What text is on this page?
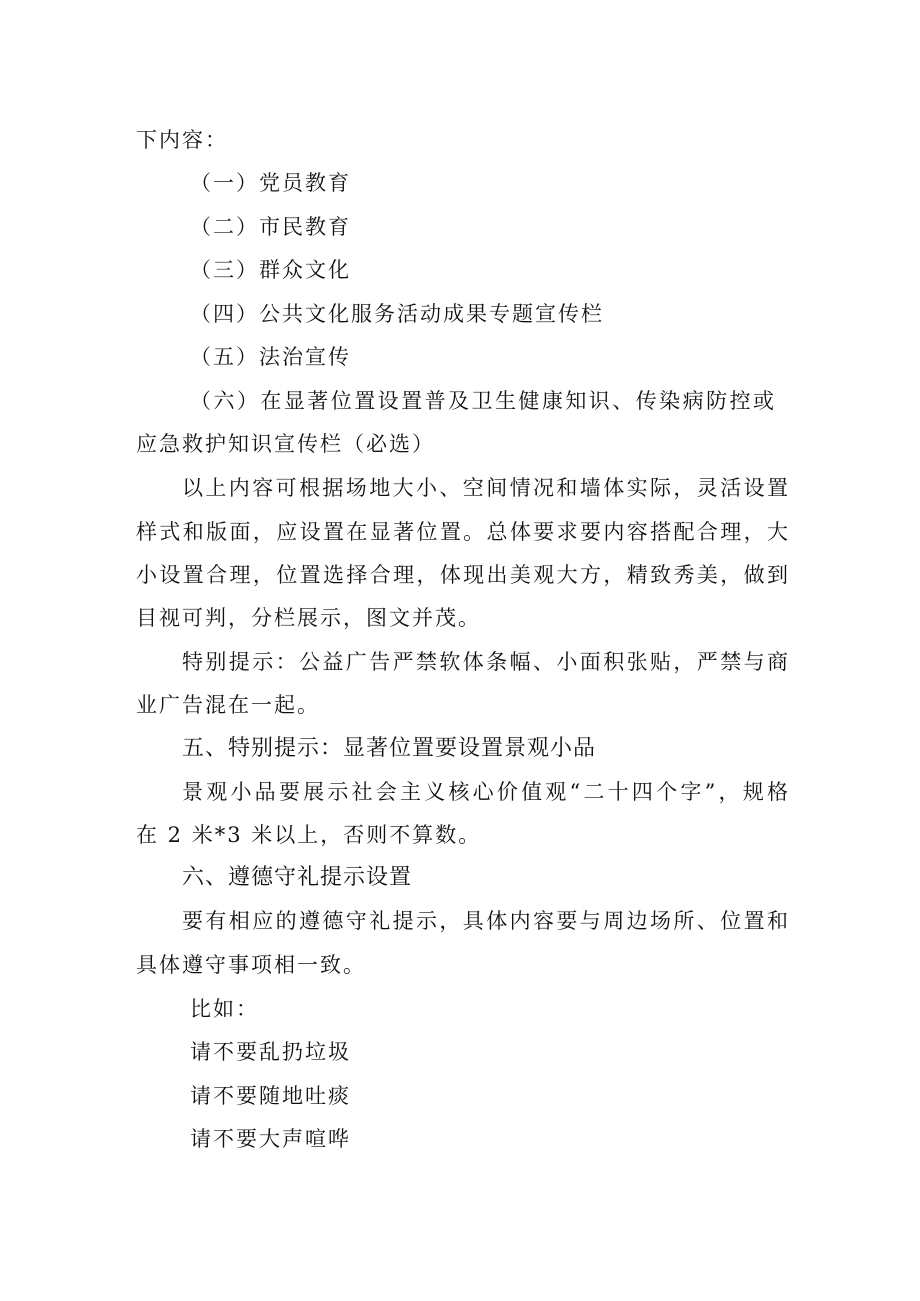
下内容：
（一）党员教育
（二）市民教育
（三）群众文化
（四）公共文化服务活动成果专题宣传栏
（五）法治宣传
（六）在显著位置设置普及卫生健康知识、传染病防控或
应急救护知识宣传栏（必选）
以上内容可根据场地大小、空间情况和墙体实际，灵活设置
样式和版面，应设置在显著位置。总体要求要内容搭配合理，大
小设置合理，位置选择合理，体现出美观大方，精致秀美，做到
目视可判，分栏展示，图文并茂。
特别提示：公益广告严禁软体条幅、小面积张贴，严禁与商
业广告混在一起。
五、特别提示：显著位置要设置景观小品
景观小品要展示社会主义核心价值观“二十四个字”，规格
在 2 米*3 米以上，否则不算数。
六、遵德守礼提示设置
要有相应的遵德守礼提示，具体内容要与周边场所、位置和
具体遵守事项相一致。
比如：
请不要乱扔垃圾
请不要随地吐痰
请不要大声喧哗
